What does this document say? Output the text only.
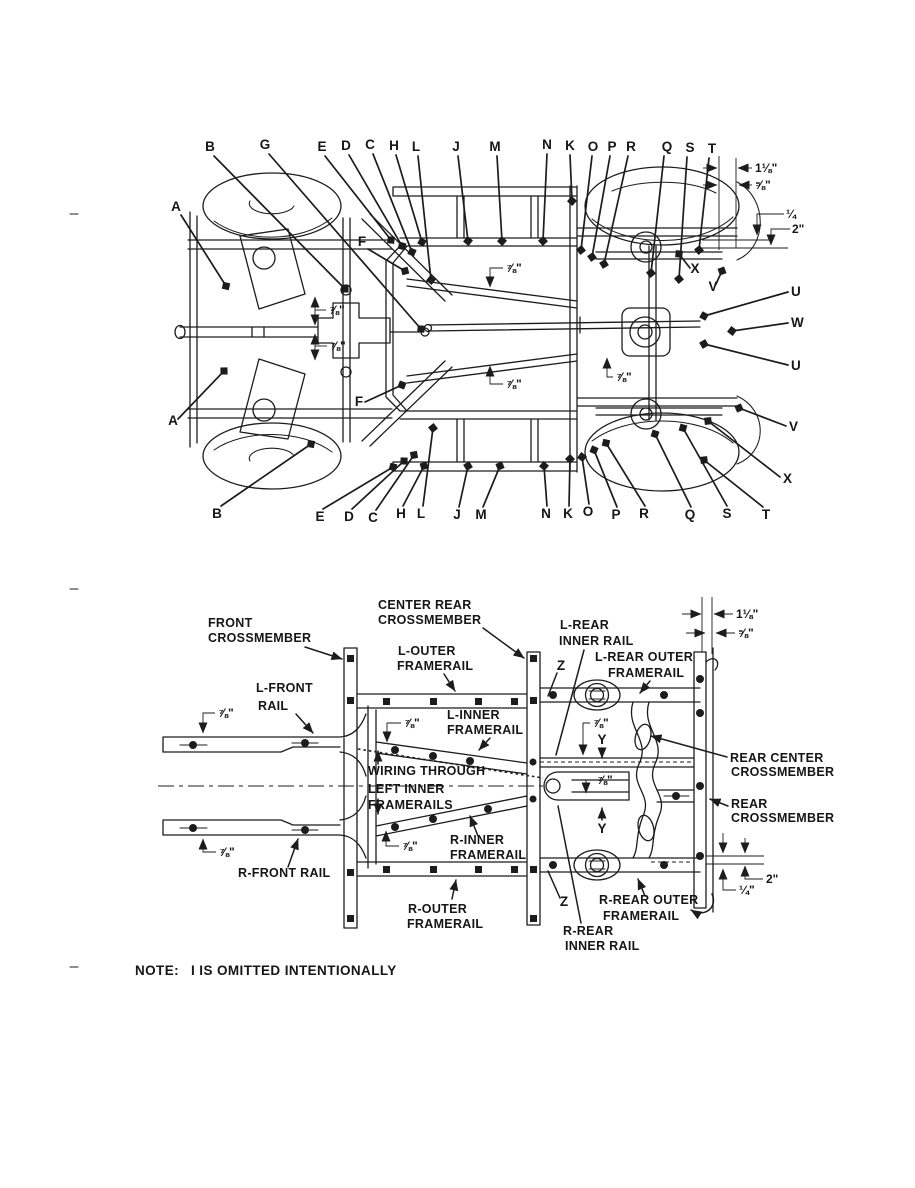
1⅛"
⅝"
¼
2"
⅞"
⅞"
⅞"
⅞"	⅞"
B	G	E D C H L J M	N K O P R Q S T
B	E D C H L J M	N K O P R	Q S T
A
A
F
F
X
V	U
W
U
V
X
FRONT
CROSSMEMBER
CENTER REAR
CROSSMEMBER
L-OUTER
FRAMERAIL
L-REAR
INNER RAIL
L-REAR OUTER
FRAMERAIL
L-FRONT
RAIL
L-INNER
FRAMERAIL
WIRING THROUGH
LEFT INNER
FRAMERAILS
R-INNER
FRAMERAIL
R-FRONT RAIL
R-OUTER
FRAMERAIL	R-REAR
INNER RAIL
R-REAR OUTER
FRAMERAIL
REAR CENTER
CROSSMEMBER
REAR
CROSSMEMBER
Z
Z
Y
Y
1⅛"
⅝"
2"
¼"
⅞"
⅞"
⅞"
⅞"
⅞"
⅞"
NOTE: I IS OMITTED INTENTIONALLY
